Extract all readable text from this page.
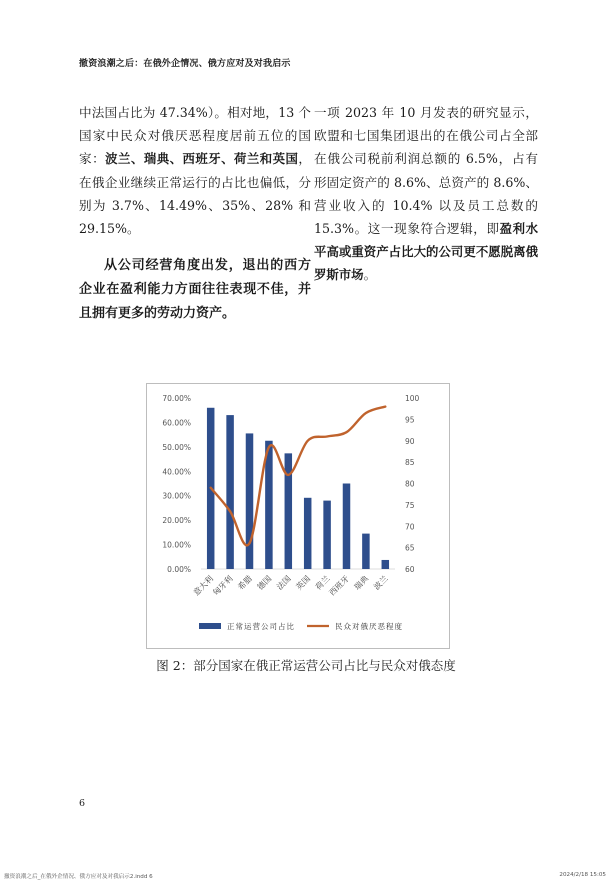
撤资浪潮之后：在俄外企情况、俄方应对及对我启示

中法国占比为 47.34%）。相对地，13 个国家中民众对俄厌恶程度居前五位的国家：波兰、瑞典、西班牙、荷兰和英国，在俄企业继续正常运行的占比也偏低，分别为 3.7%、14.49%、35%、28% 和 29.15%。

从公司经营角度出发，退出的西方企业在盈利能力方面往往表现不佳，并且拥有更多的劳动力资产。

一项 2023 年 10 月发表的研究显示，欧盟和七国集团退出的在俄公司占全部在俄公司税前利润总额的 6.5%，占有形固定资产的 8.6%、总资产的 8.6%、营业收入的 10.4% 以及员工总数的 15.3%。这一现象符合逻辑，即盈利水平高或重资产占比大的公司更不愿脱离俄罗斯市场。

0.00%
10.00%
20.00%
30.00%
40.00%
50.00%
60.00%
70.00%
60
65
70
75
80
85
90
95
100
意大利
匈牙利 希腊 德国 法国 英国 荷兰
西班牙 瑞典 波兰
正常运营公司占比	民众对俄厌恶程度
图 2：部分国家在俄正常运营公司占比与民众对俄态度
6
撤资浪潮之后_在俄外企情况、俄方应对及对我启示2.indd 6	2024/2/18 15:05
